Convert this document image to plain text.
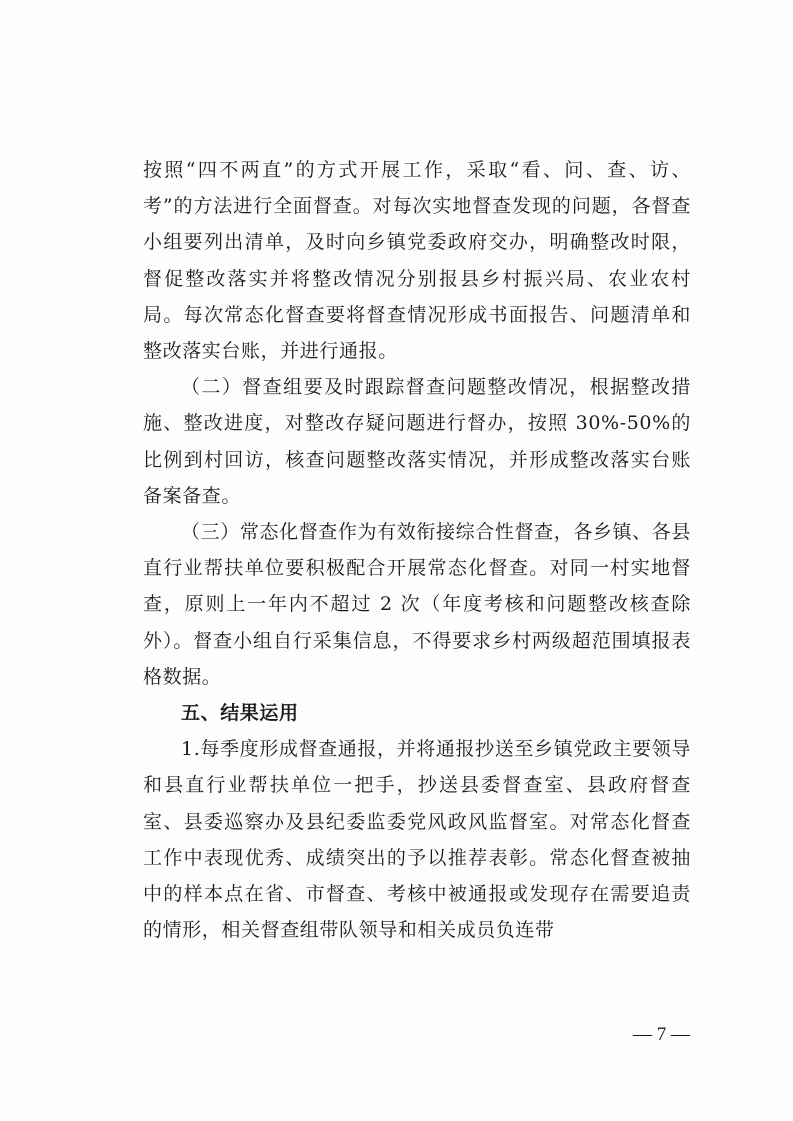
按照“四不两直”的方式开展工作，采取“看、问、查、访、考”的方法进行全面督查。对每次实地督查发现的问题，各督查小组要列出清单，及时向乡镇党委政府交办，明确整改时限，督促整改落实并将整改情况分别报县乡村振兴局、农业农村局。每次常态化督查要将督查情况形成书面报告、问题清单和整改落实台账，并进行通报。

（二）督查组要及时跟踪督查问题整改情况，根据整改措施、整改进度，对整改存疑问题进行督办，按照 30%-50%的比例到村回访，核查问题整改落实情况，并形成整改落实台账备案备查。

（三）常态化督查作为有效衔接综合性督查，各乡镇、各县直行业帮扶单位要积极配合开展常态化督查。对同一村实地督查，原则上一年内不超过 2 次（年度考核和问题整改核查除外）。督查小组自行采集信息，不得要求乡村两级超范围填报表格数据。

五、结果运用

1.每季度形成督查通报，并将通报抄送至乡镇党政主要领导和县直行业帮扶单位一把手，抄送县委督查室、县政府督查室、县委巡察办及县纪委监委党风政风监督室。对常态化督查工作中表现优秀、成绩突出的予以推荐表彰。常态化督查被抽中的样本点在省、市督查、考核中被通报或发现存在需要追责的情形，相关督查组带队领导和相关成员负连带

— 7 —
